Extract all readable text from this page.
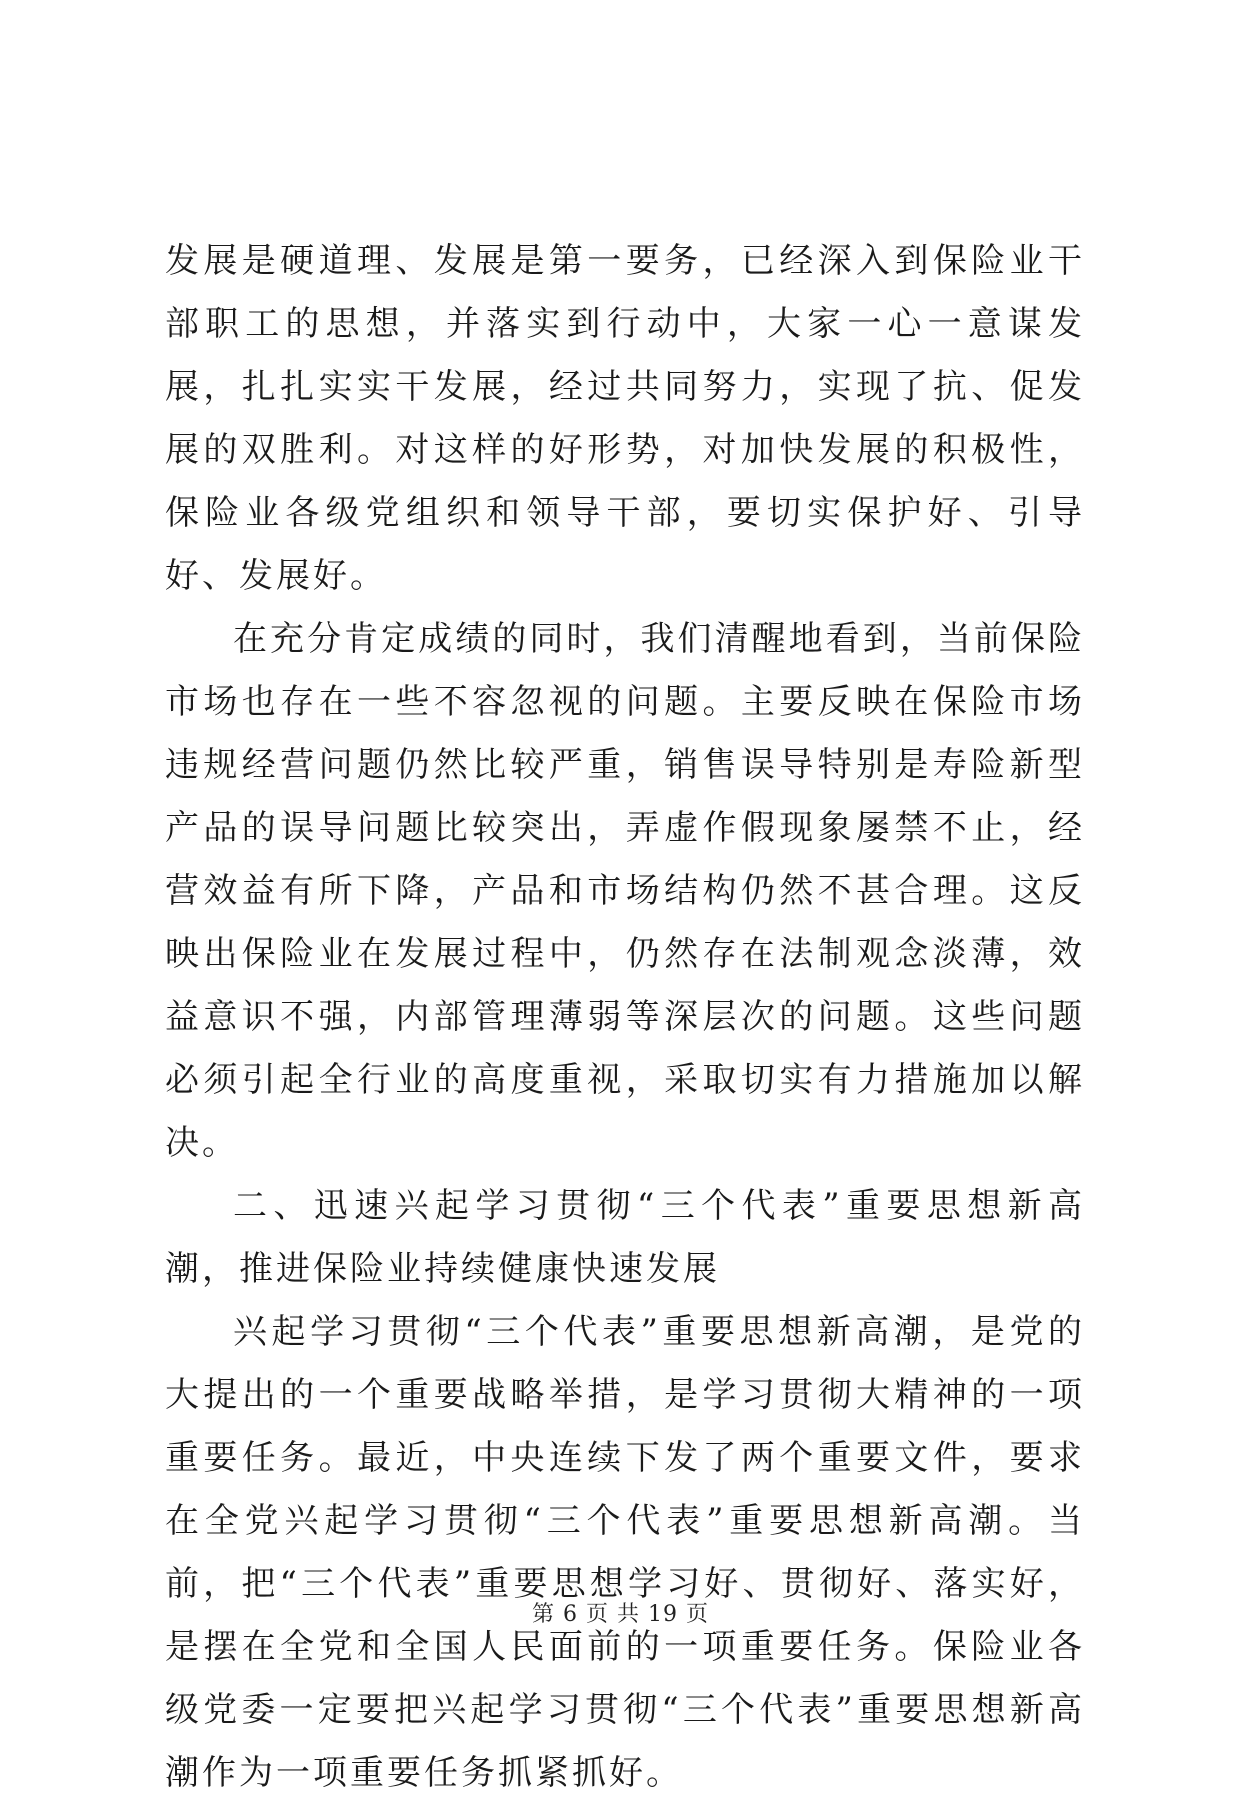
发展是硬道理、发展是第一要务，已经深入到保险业干部职工的思想，并落实到行动中，大家一心一意谋发展，扎扎实实干发展，经过共同努力，实现了抗、促发展的双胜利。对这样的好形势，对加快发展的积极性，保险业各级党组织和领导干部，要切实保护好、引导好、发展好。

在充分肯定成绩的同时，我们清醒地看到，当前保险市场也存在一些不容忽视的问题。主要反映在保险市场违规经营问题仍然比较严重，销售误导特别是寿险新型产品的误导问题比较突出，弄虚作假现象屡禁不止，经营效益有所下降，产品和市场结构仍然不甚合理。这反映出保险业在发展过程中，仍然存在法制观念淡薄，效益意识不强，内部管理薄弱等深层次的问题。这些问题必须引起全行业的高度重视，采取切实有力措施加以解决。

二、迅速兴起学习贯彻“三个代表”重要思想新高潮，推进保险业持续健康快速发展

兴起学习贯彻“三个代表”重要思想新高潮，是党的大提出的一个重要战略举措，是学习贯彻大精神的一项重要任务。最近，中央连续下发了两个重要文件，要求在全党兴起学习贯彻“三个代表”重要思想新高潮。当前，把“三个代表”重要思想学习好、贯彻好、落实好，是摆在全党和全国人民面前的一项重要任务。保险业各级党委一定要把兴起学习贯彻“三个代表”重要思想新高潮作为一项重要任务抓紧抓好。

第 6 页 共 19 页
